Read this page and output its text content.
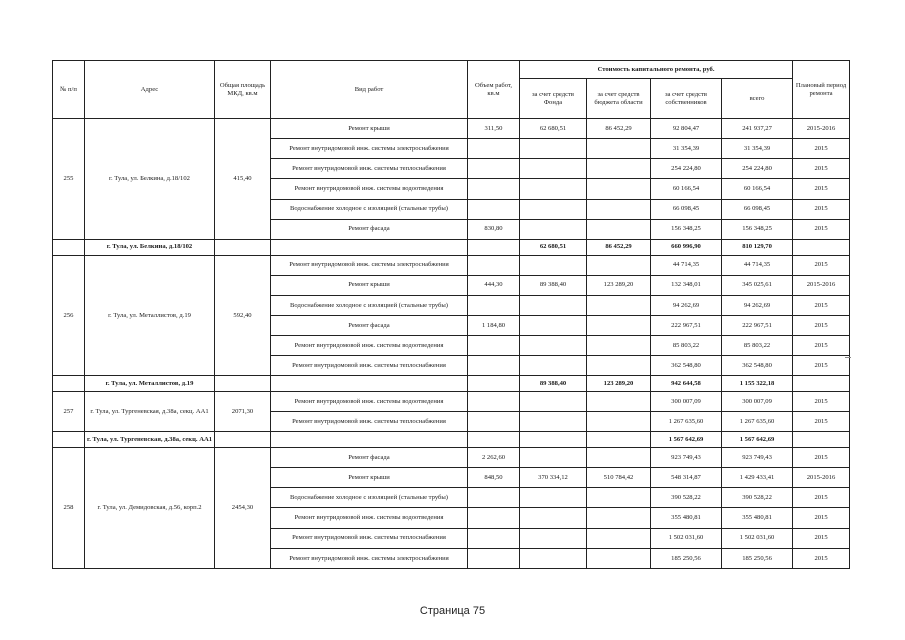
№ п/п	Адрес	Общая площадь МКД, кв.м	Вид работ	Объем работ, кв.м	Стоимость капитального ремонта, руб.				Плановый период ремонта
					за счет средств Фонда	за счет средств бюджета области	за счет средств собственников	всего	
255	г. Тула, ул. Белкина, д.18/102	415,40	Ремонт крыши	311,50	62 680,51	86 452,29	92 804,47	241 937,27	2015-2016
			Ремонт внутридомовой инж. системы электроснабжения				31 354,39	31 354,39	2015
			Ремонт внутридомовой инж. системы теплоснабжения				254 224,80	254 224,80	2015
			Ремонт внутридомовой инж. системы водоотведения				60 166,54	60 166,54	2015
			Водоснабжение холодное с изоляцией (стальные трубы)				66 098,45	66 098,45	2015
			Ремонт фасада	830,80			156 348,25	156 348,25	2015
	г. Тула, ул. Белкина, д.18/102				62 680,51	86 452,29	660 996,90	810 129,70	
256	г. Тула, ул. Металлистов, д.19	592,40	Ремонт внутридомовой инж. системы электроснабжения				44 714,35	44 714,35	2015
			Ремонт крыши	444,30	89 388,40	123 289,20	132 348,01	345 025,61	2015-2016
			Водоснабжение холодное с изоляцией (стальные трубы)				94 262,69	94 262,69	2015
			Ремонт фасада	1 184,80			222 967,51	222 967,51	2015
			Ремонт внутридомовой инж. системы водоотведения				85 803,22	85 803,22	2015
			Ремонт внутридомовой инж. системы теплоснабжения				362 548,80	362 548,80	2015
	г. Тула, ул. Металлистов, д.19				89 388,40	123 289,20	942 644,58	1 155 322,18	
257	г. Тула, ул. Тургеневская, д.38а, секц. АА1	2071,30	Ремонт внутридомовой инж. системы водоотведения				300 007,09	300 007,09	2015
			Ремонт внутридомовой инж. системы теплоснабжения				1 267 635,60	1 267 635,60	2015
	г. Тула, ул. Тургеневская, д.38а, секц. АА1						1 567 642,69	1 567 642,69	
258	г. Тула, ул. Демидовская, д.56, корп.2	2454,30	Ремонт фасада	2 262,60			923 749,43	923 749,43	2015
			Ремонт крыши	848,50	370 334,12	510 784,42	548 314,87	1 429 433,41	2015-2016
			Водоснабжение холодное с изоляцией (стальные трубы)				390 528,22	390 528,22	2015
			Ремонт внутридомовой инж. системы водоотведения				355 480,81	355 480,81	2015
			Ремонт внутридомовой инж. системы теплоснабжения				1 502 031,60	1 502 031,60	2015
			Ремонт внутридомовой инж. системы электроснабжения				185 250,56	185 250,56	2015
Страница 75
